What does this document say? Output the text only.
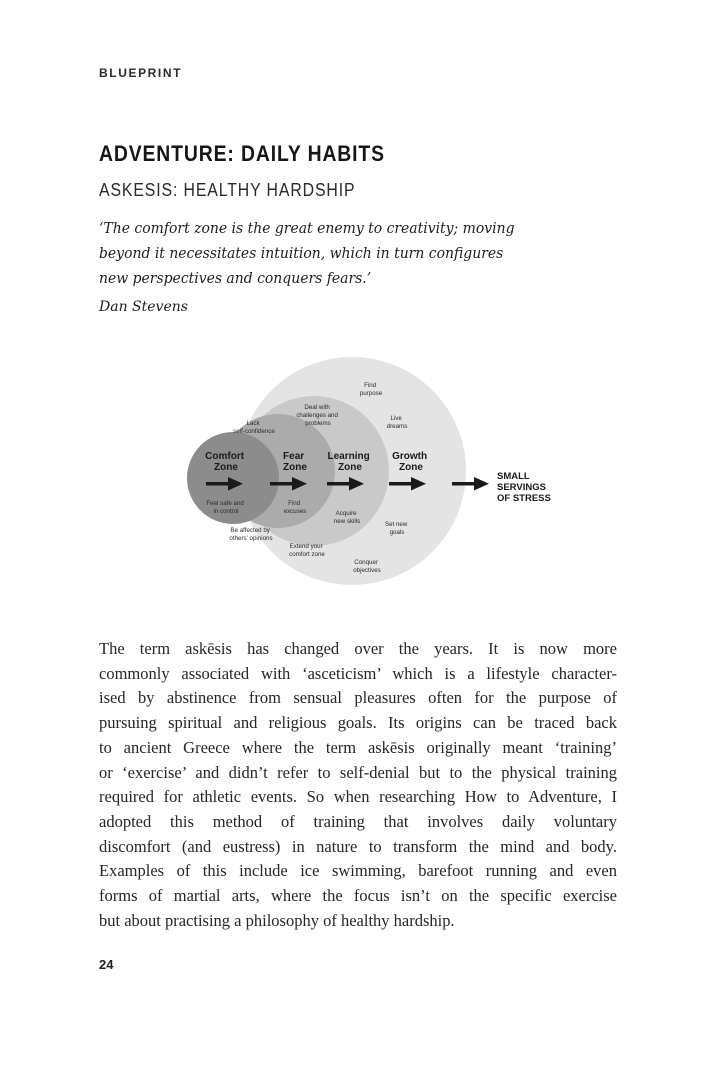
BLUEPRINT
ADVENTURE: DAILY HABITS
ASKESIS: HEALTHY HARDSHIP
‘The comfort zone is the great enemy to creativity; moving
beyond it necessitates intuition, which in turn configures
new perspectives and conquers fears.’
Dan Stevens
Comfort Zone
Fear Zone
Learning Zone
Growth Zone
Find purpose
Deal with challenges and problems
Live dreams
Lack self-confidence
Feel safe and in control
Find excuses	Acquire new skills
Be affected by others' opinions
Set new goals
Extend your comfort zone
Conquer objectives
SMALL SERVINGS OF STRESS
The term askēsis has changed over the years. It is now more
commonly associated with ‘asceticism’ which is a lifestyle character-
ised by abstinence from sensual pleasures often for the purpose of
pursuing spiritual and religious goals. Its origins can be traced back
to ancient Greece where the term askēsis originally meant ‘training’
or ‘exercise’ and didn’t refer to self-denial but to the physical training
required for athletic events. So when researching How to Adventure, I
adopted this method of training that involves daily voluntary
discomfort (and eustress) in nature to transform the mind and body.
Examples of this include ice swimming, barefoot running and even
forms of martial arts, where the focus isn’t on the specific exercise
but about practising a philosophy of healthy hardship.
24
